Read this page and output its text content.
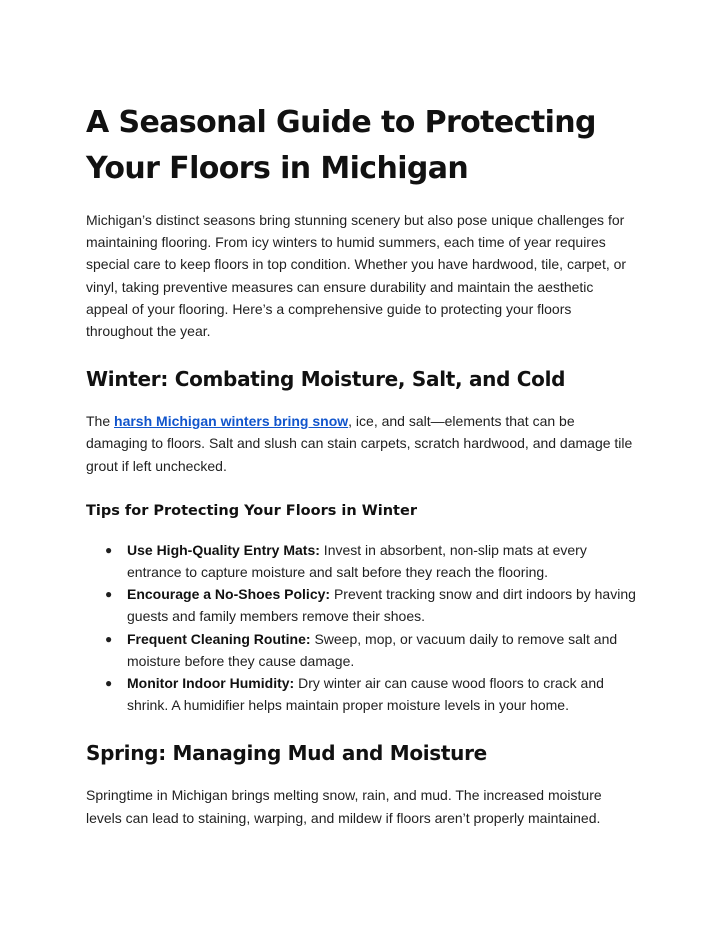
A Seasonal Guide to Protecting Your Floors in Michigan

Michigan’s distinct seasons bring stunning scenery but also pose unique challenges for maintaining flooring. From icy winters to humid summers, each time of year requires special care to keep floors in top condition. Whether you have hardwood, tile, carpet, or vinyl, taking preventive measures can ensure durability and maintain the aesthetic appeal of your flooring. Here’s a comprehensive guide to protecting your floors throughout the year.

Winter: Combating Moisture, Salt, and Cold

The harsh Michigan winters bring snow, ice, and salt—elements that can be damaging to floors. Salt and slush can stain carpets, scratch hardwood, and damage tile grout if left unchecked.

Tips for Protecting Your Floors in Winter
● Use High-Quality Entry Mats: Invest in absorbent, non-slip mats at every entrance to capture moisture and salt before they reach the flooring.
● Encourage a No-Shoes Policy: Prevent tracking snow and dirt indoors by having guests and family members remove their shoes.
● Frequent Cleaning Routine: Sweep, mop, or vacuum daily to remove salt and moisture before they cause damage.
● Monitor Indoor Humidity: Dry winter air can cause wood floors to crack and shrink. A humidifier helps maintain proper moisture levels in your home.
Spring: Managing Mud and Moisture

Springtime in Michigan brings melting snow, rain, and mud. The increased moisture levels can lead to staining, warping, and mildew if floors aren’t properly maintained.
